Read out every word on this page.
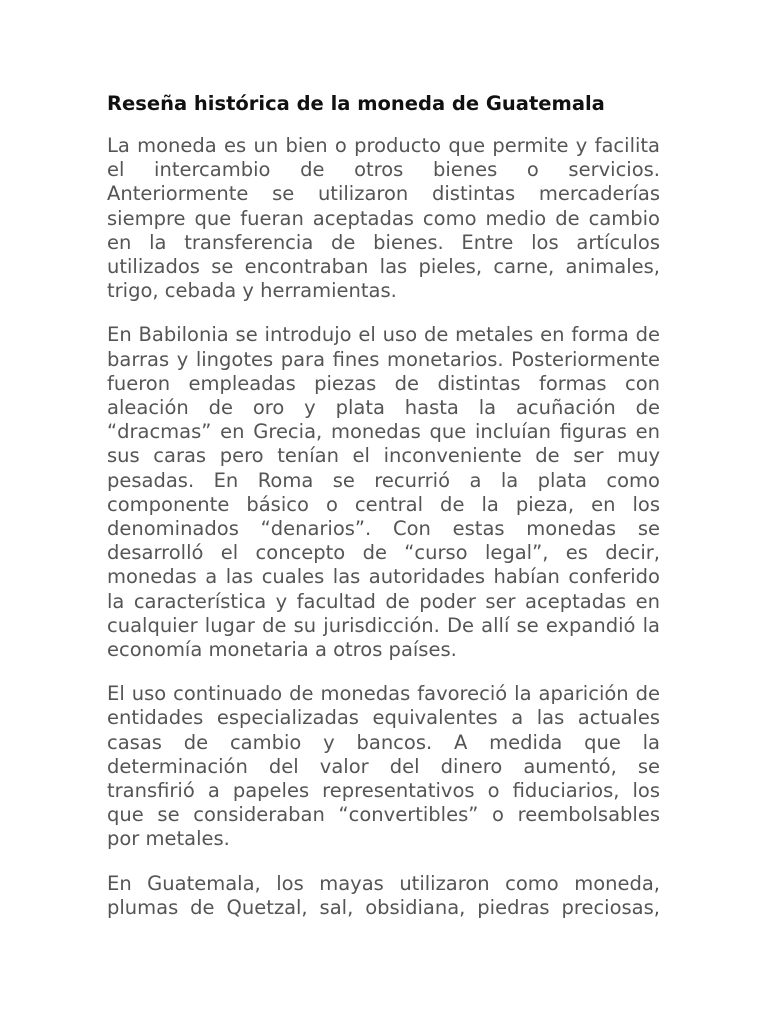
Reseña histórica de la moneda de Guatemala

La moneda es un bien o producto que permite y facilita el intercambio de otros bienes o servicios. Anteriormente se utilizaron distintas mercaderías siempre que fueran aceptadas como medio de cambio en la transferencia de bienes. Entre los artículos utilizados se encontraban las pieles, carne, animales, trigo, cebada y herramientas.

En Babilonia se introdujo el uso de metales en forma de barras y lingotes para fines monetarios. Posteriormente fueron empleadas piezas de distintas formas con aleación de oro y plata hasta la acuñación de “dracmas” en Grecia, monedas que incluían figuras en sus caras pero tenían el inconveniente de ser muy pesadas. En Roma se recurrió a la plata como componente básico o central de la pieza, en los denominados “denarios”. Con estas monedas se desarrolló el concepto de “curso legal”, es decir, monedas a las cuales las autoridades habían conferido la característica y facultad de poder ser aceptadas en cualquier lugar de su jurisdicción. De allí se expandió la economía monetaria a otros países.

El uso continuado de monedas favoreció la aparición de entidades especializadas equivalentes a las actuales casas de cambio y bancos. A medida que la determinación del valor del dinero aumentó, se transfirió a papeles representativos o fiduciarios, los que se consideraban “convertibles” o reembolsables por metales.

En Guatemala, los mayas utilizaron como moneda, plumas de Quetzal, sal, obsidiana, piedras preciosas,
